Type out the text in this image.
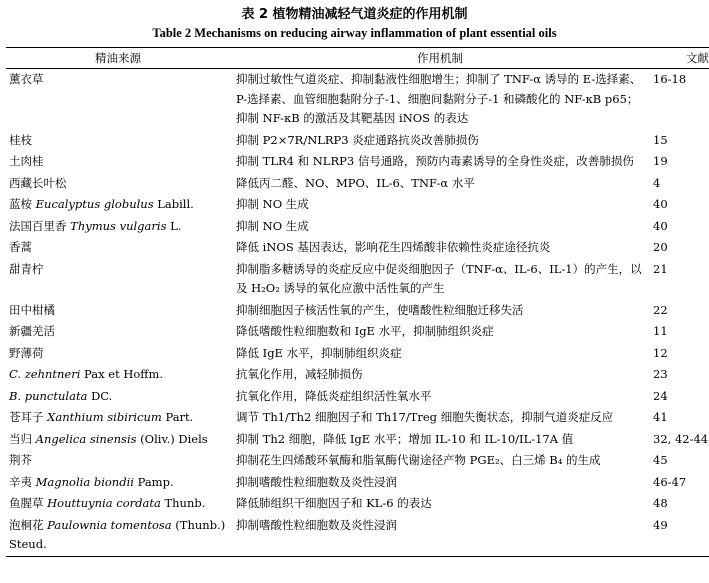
表 2 植物精油减轻气道炎症的作用机制
Table 2 Mechanisms on reducing airway inflammation of plant essential oils
精油来源	作用机制	文献
薰衣草	抑制过敏性气道炎症、抑制黏液性细胞增生；抑制了 TNF-α 诱导的 E-选择素、P-选择素、血管细胞黏附分子-1、细胞间黏附分子-1 和磷酸化的 NF-κB p65；抑制 NF-κB 的激活及其靶基因 iNOS 的表达	16-18
桂枝	抑制 P2×7R/NLRP3 炎症通路抗炎改善肺损伤	15
土肉桂	抑制 TLR4 和 NLRP3 信号通路，预防内毒素诱导的全身性炎症，改善肺损伤	19
西藏长叶松	降低丙二醛、NO、MPO、IL-6、TNF-α 水平	4
蓝桉 Eucalyptus globulus Labill.	抑制 NO 生成	40
法国百里香 Thymus vulgaris L.	抑制 NO 生成	40
香蒿	降低 iNOS 基因表达，影响花生四烯酸非依赖性炎症途径抗炎	20
甜青柠	抑制脂多糖诱导的炎症反应中促炎细胞因子（TNF-α、IL-6、IL-1）的产生，以及 H₂O₂ 诱导的氧化应激中活性氧的产生	21
田中柑橘	抑制细胞因子核活性氧的产生，使嗜酸性粒细胞迁移失活	22
新疆羌活	降低嗜酸性粒细胞数和 IgE 水平，抑制肺组织炎症	11
野薄荷	降低 IgE 水平，抑制肺组织炎症	12
C. zehntneri Pax et Hoffm.	抗氧化作用，减轻肺损伤	23
B. punctulata DC.	抗氧化作用，降低炎症组织活性氧水平	24
苍耳子 Xanthium sibiricum Part.	调节 Th1/Th2 细胞因子和 Th17/Treg 细胞失衡状态，抑制气道炎症反应	41
当归 Angelica sinensis (Oliv.) Diels	抑制 Th2 细胞，降低 IgE 水平；增加 IL-10 和 IL-10/IL-17A 值	32, 42-44
荆芥	抑制花生四烯酸环氧酶和脂氧酶代谢途径产物 PGE₂、白三烯 B₄ 的生成	45
辛夷 Magnolia biondii Pamp.	抑制嗜酸性粒细胞数及炎性浸润	46-47
鱼腥草 Houttuynia cordata Thunb.	降低肺组织干细胞因子和 KL-6 的表达	48
泡桐花 Paulownia tomentosa (Thunb.) Steud.	抑制嗜酸性粒细胞数及炎性浸润	49
